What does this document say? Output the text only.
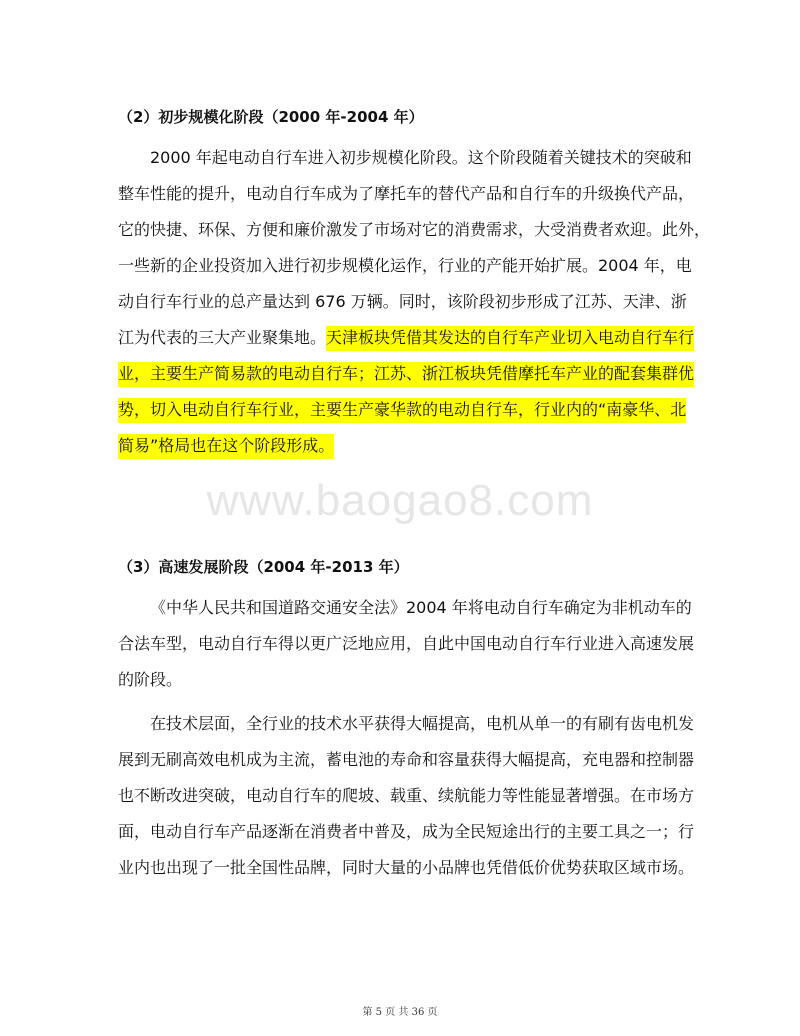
（2）初步规模化阶段（2000 年-2004 年）
2000 年起电动自行车进入初步规模化阶段。这个阶段随着关键技术的突破和
整车性能的提升，电动自行车成为了摩托车的替代产品和自行车的升级换代产品，
它的快捷、环保、方便和廉价激发了市场对它的消费需求，大受消费者欢迎。此外，
一些新的企业投资加入进行初步规模化运作，行业的产能开始扩展。2004 年，电
动自行车行业的总产量达到 676 万辆。同时，该阶段初步形成了江苏、天津、浙
江为代表的三大产业聚集地。天津板块凭借其发达的自行车产业切入电动自行车行
业，主要生产简易款的电动自行车；江苏、浙江板块凭借摩托车产业的配套集群优
势，切入电动自行车行业，主要生产豪华款的电动自行车，行业内的“南豪华、北
简易”格局也在这个阶段形成。
www.baogao8.com
（3）高速发展阶段（2004 年-2013 年）
《中华人民共和国道路交通安全法》2004 年将电动自行车确定为非机动车的
合法车型，电动自行车得以更广泛地应用，自此中国电动自行车行业进入高速发展
的阶段。
在技术层面，全行业的技术水平获得大幅提高，电机从单一的有刷有齿电机发
展到无刷高效电机成为主流，蓄电池的寿命和容量获得大幅提高，充电器和控制器
也不断改进突破，电动自行车的爬坡、载重、续航能力等性能显著增强。在市场方
面，电动自行车产品逐渐在消费者中普及，成为全民短途出行的主要工具之一；行
业内也出现了一批全国性品牌，同时大量的小品牌也凭借低价优势获取区域市场。
第 5 页 共 36 页
